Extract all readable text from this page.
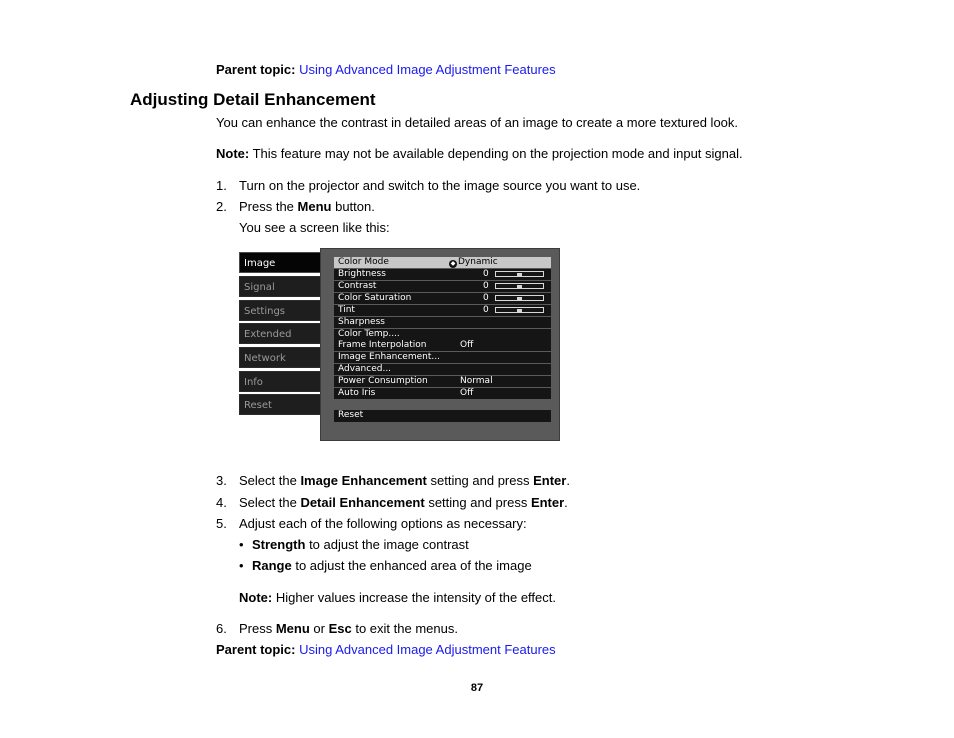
Parent topic: Using Advanced Image Adjustment Features
Adjusting Detail Enhancement
You can enhance the contrast in detailed areas of an image to create a more textured look.
Note: This feature may not be available depending on the projection mode and input signal.
1. Turn on the projector and switch to the image source you want to use.
2. Press the Menu button.
You see a screen like this:
Image
Signal
Settings
Extended
Network
Info
Reset
Color Mode	◆ Dynamic
Brightness	0
Contrast	0
Color Saturation	0
Tint	0
Sharpness
Color Temp....
Frame Interpolation	Off
Image Enhancement...
Advanced...
Power Consumption	Normal
Auto Iris	Off
Reset
3. Select the Image Enhancement setting and press Enter.
4. Select the Detail Enhancement setting and press Enter.
5. Adjust each of the following options as necessary:
• Strength to adjust the image contrast
• Range to adjust the enhanced area of the image
Note: Higher values increase the intensity of the effect.
6. Press Menu or Esc to exit the menus.
Parent topic: Using Advanced Image Adjustment Features
87
